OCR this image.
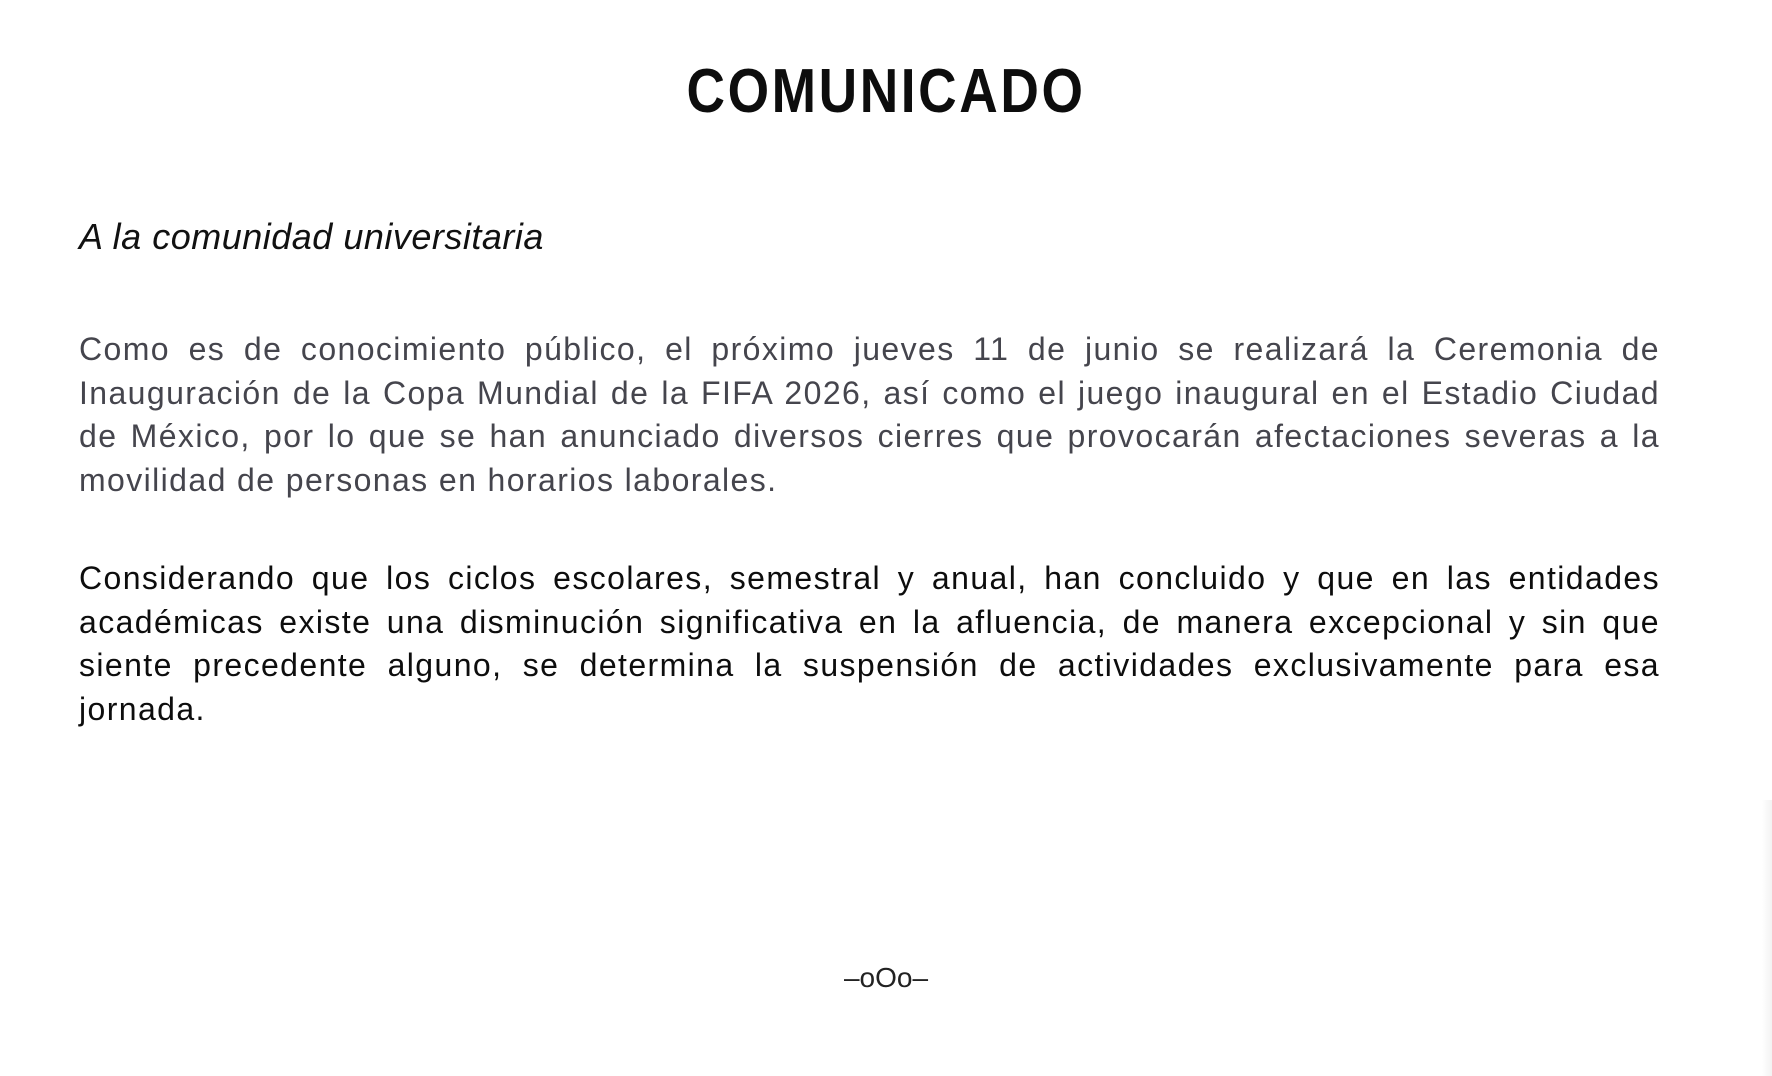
COMUNICADO
A la comunidad universitaria

Como es de conocimiento público, el próximo jueves 11 de junio se realizará la Ceremonia de Inauguración de la Copa Mundial de la FIFA 2026, así como el juego inaugural en el Estadio Ciudad de México, por lo que se han anunciado diversos cierres que provocarán afectaciones severas a la movilidad de personas en horarios laborales.

Considerando que los ciclos escolares, semestral y anual, han concluido y que en las entidades académicas existe una disminución significativa en la afluencia, de manera excepcional y sin que siente precedente alguno, se determina la suspensión de actividades exclusivamente para esa jornada.

–oOo–
